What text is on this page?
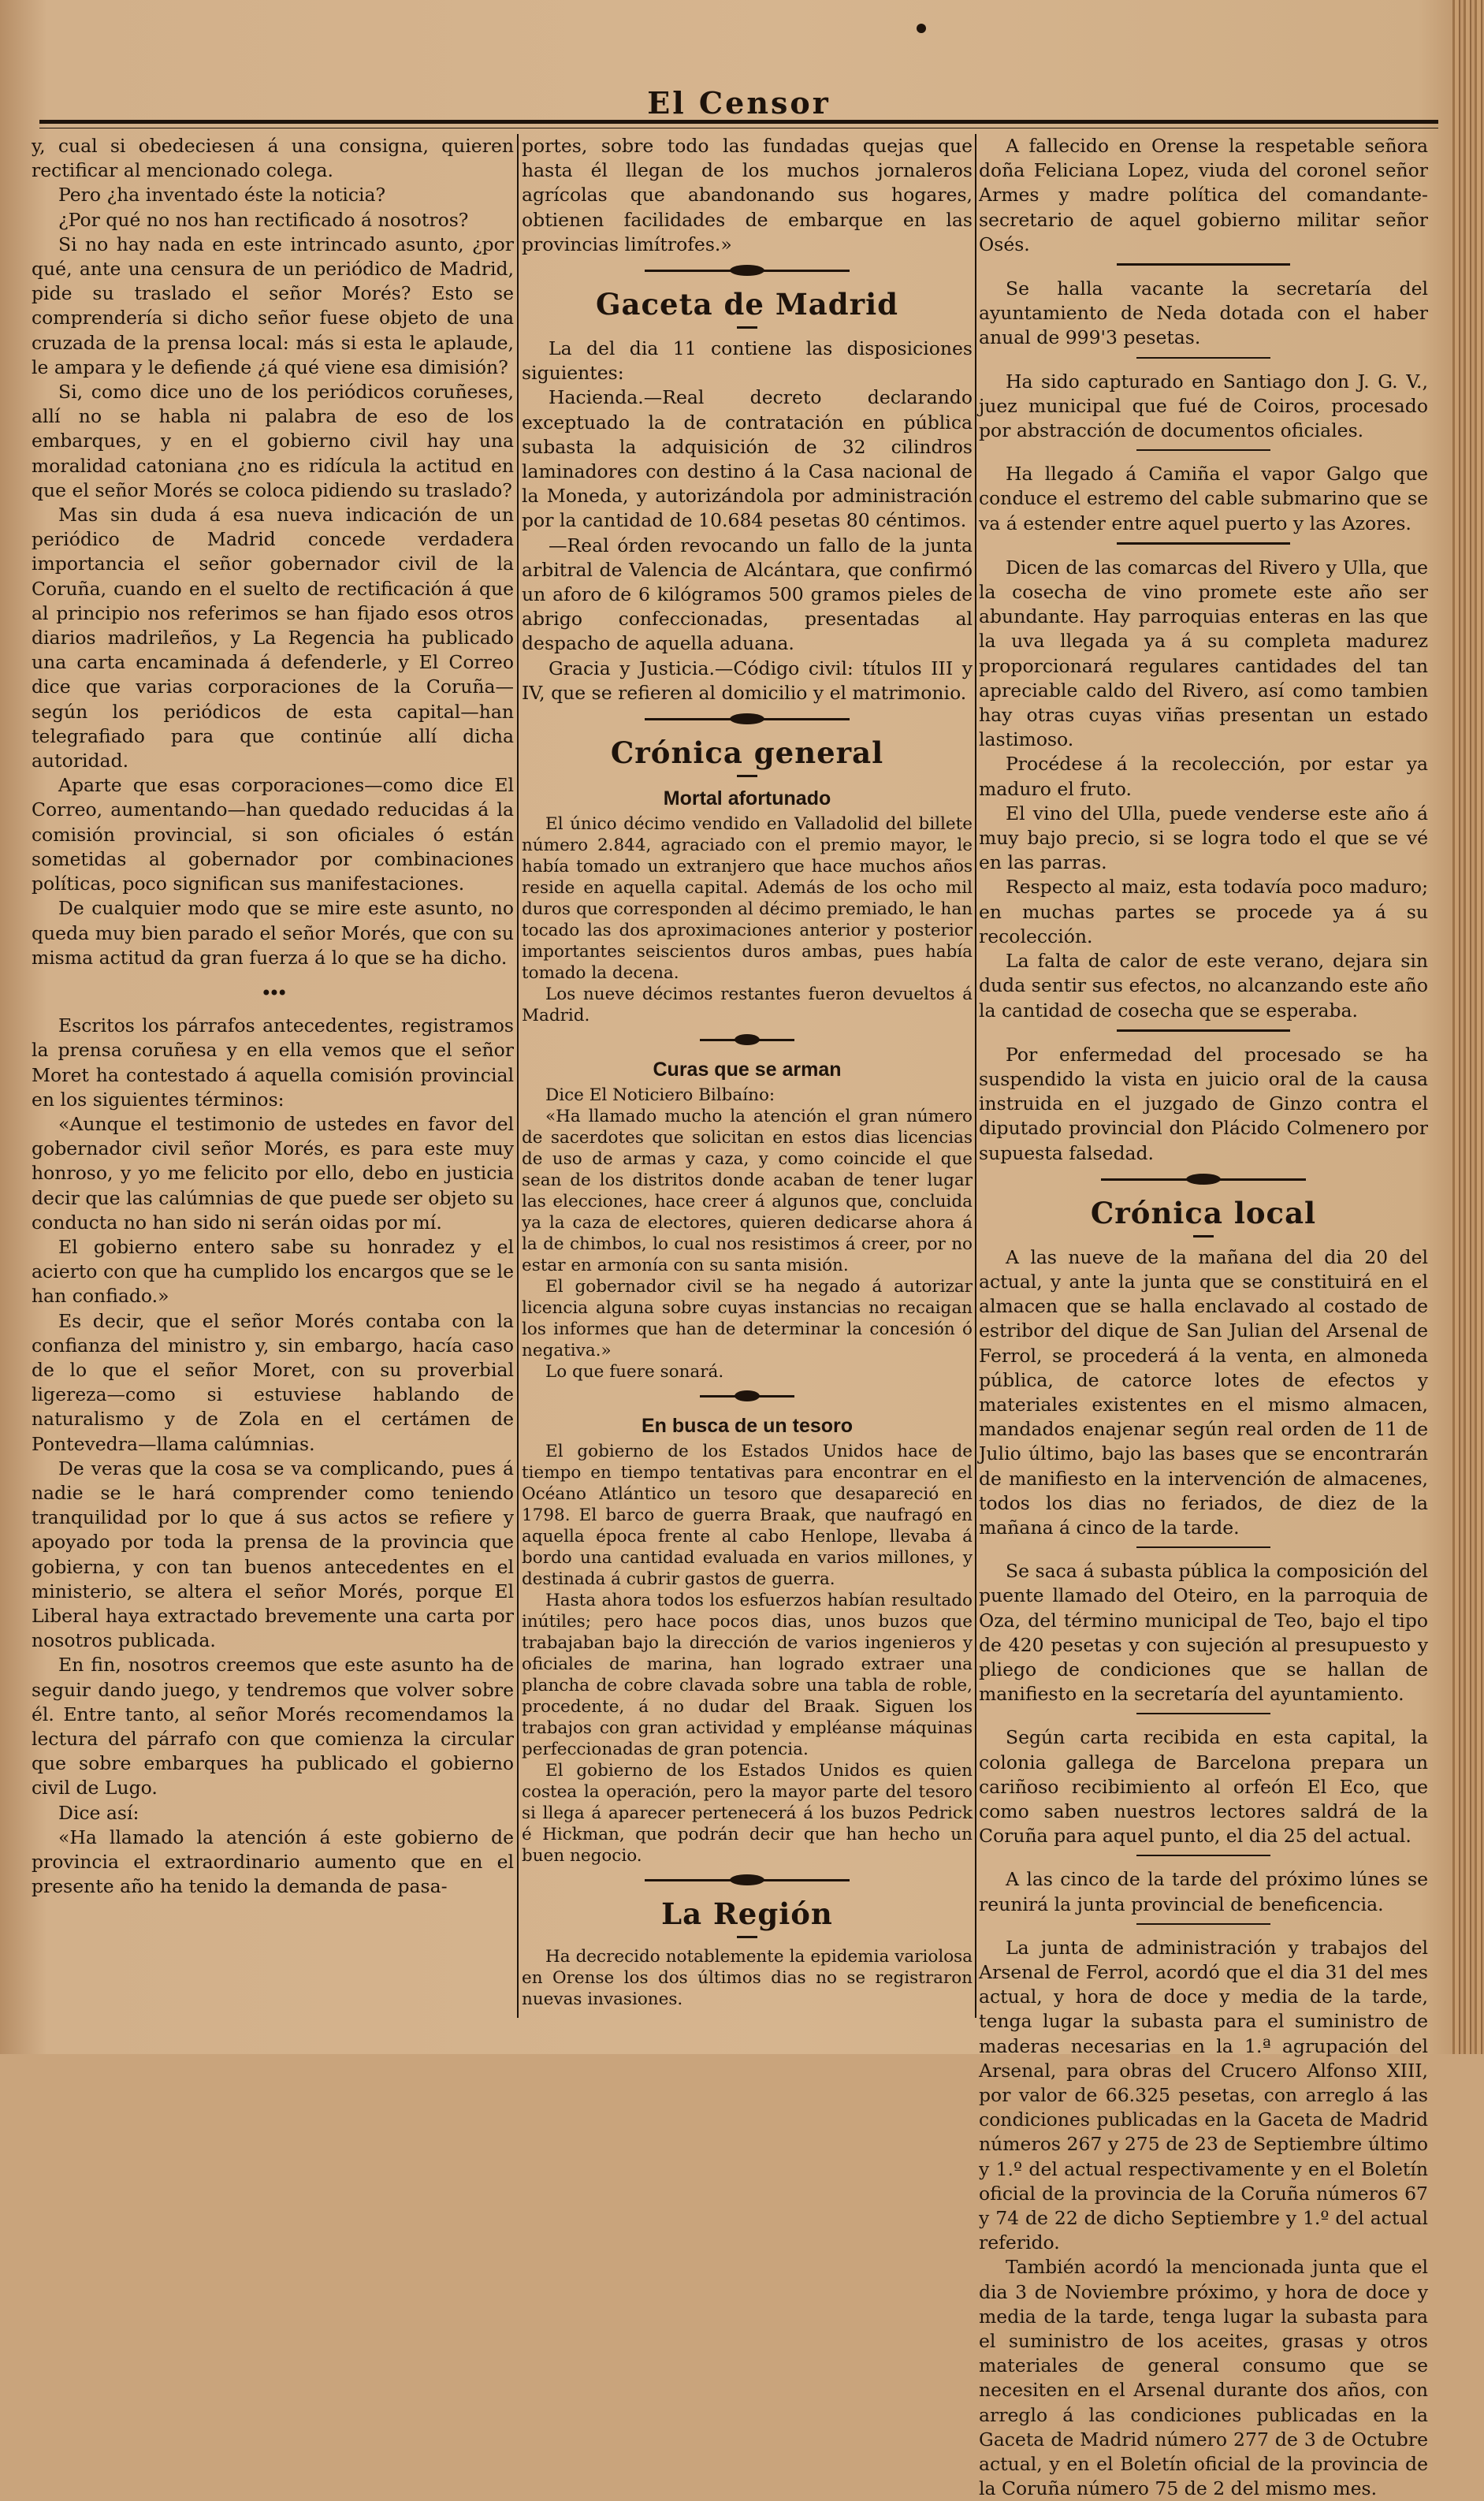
El Censor

y, cual si obedeciesen á una consigna, quieren rectificar al mencionado colega.

Pero ¿ha inventado éste la noticia?

¿Por qué no nos han rectificado á nosotros?

Si no hay nada en este intrincado asunto, ¿por qué, ante una censura de un periódico de Madrid, pide su traslado el señor Morés? Esto se comprendería si dicho señor fuese objeto de una cruzada de la prensa local: más si esta le aplaude, le ampara y le defiende ¿á qué viene esa dimisión?

Si, como dice uno de los periódicos coruñeses, allí no se habla ni palabra de eso de los embarques, y en el gobierno civil hay una moralidad catoniana ¿no es ridícula la actitud en que el señor Morés se coloca pidiendo su traslado?

Mas sin duda á esa nueva indicación de un periódico de Madrid concede verdadera importancia el señor gobernador civil de la Coruña, cuando en el suelto de rectificación á que al principio nos referimos se han fijado esos otros diarios madrileños, y La Regencia ha publicado una carta encaminada á defenderle, y El Correo dice que varias corporaciones de la Coruña—según los periódicos de esta capital—han telegrafiado para que continúe allí dicha autoridad.

Aparte que esas corporaciones—como dice El Correo, aumentando—han quedado reducidas á la comisión provincial, si son oficiales ó están sometidas al gobernador por combinaciones políticas, poco significan sus manifestaciones.

De cualquier modo que se mire este asunto, no queda muy bien parado el señor Morés, que con su misma actitud da gran fuerza á lo que se ha dicho.

•••

Escritos los párrafos antecedentes, registramos la prensa coruñesa y en ella vemos que el señor Moret ha contestado á aquella comisión provincial en los siguientes términos:

«Aunque el testimonio de ustedes en favor del gobernador civil señor Morés, es para este muy honroso, y yo me felicito por ello, debo en justicia decir que las calúmnias de que puede ser objeto su conducta no han sido ni serán oidas por mí.

El gobierno entero sabe su honradez y el acierto con que ha cumplido los encargos que se le han confiado.»

Es decir, que el señor Morés contaba con la confianza del ministro y, sin embargo, hacía caso de lo que el señor Moret, con su proverbial ligereza—como si estuviese hablando de naturalismo y de Zola en el certámen de Pontevedra—llama calúmnias.

De veras que la cosa se va complicando, pues á nadie se le hará comprender como teniendo tranquilidad por lo que á sus actos se refiere y apoyado por toda la prensa de la provincia que gobierna, y con tan buenos antecedentes en el ministerio, se altera el señor Morés, porque El Liberal haya extractado brevemente una carta por nosotros publicada.

En fin, nosotros creemos que este asunto ha de seguir dando juego, y tendremos que volver sobre él. Entre tanto, al señor Morés recomendamos la lectura del párrafo con que comienza la circular que sobre embarques ha publicado el gobierno civil de Lugo.

Dice así:

«Ha llamado la atención á este gobierno de provincia el extraordinario aumento que en el presente año ha tenido la demanda de pasa-

portes, sobre todo las fundadas quejas que hasta él llegan de los muchos jornaleros agrícolas que abandonando sus hogares, obtienen facilidades de embarque en las provincias limítrofes.»

Gaceta de Madrid

La del dia 11 contiene las disposiciones siguientes:

Hacienda.—Real decreto declarando exceptuado la de contratación en pública subasta la adquisición de 32 cilindros laminadores con destino á la Casa nacional de la Moneda, y autorizándola por administración por la cantidad de 10.684 pesetas 80 céntimos.

—Real órden revocando un fallo de la junta arbitral de Valencia de Alcántara, que confirmó un aforo de 6 kilógramos 500 gramos pieles de abrigo confeccionadas, presentadas al despacho de aquella aduana.

Gracia y Justicia.—Código civil: títulos III y IV, que se refieren al domicilio y el matrimonio.

Crónica general
Mortal afortunado

El único décimo vendido en Valladolid del billete número 2.844, agraciado con el premio mayor, le había tomado un extranjero que hace muchos años reside en aquella capital. Además de los ocho mil duros que corresponden al décimo premiado, le han tocado las dos aproximaciones anterior y posterior importantes seiscientos duros ambas, pues había tomado la decena.

Los nueve décimos restantes fueron devueltos á Madrid.

Curas que se arman

Dice El Noticiero Bilbaíno:

«Ha llamado mucho la atención el gran número de sacerdotes que solicitan en estos dias licencias de uso de armas y caza, y como coincide el que sean de los distritos donde acaban de tener lugar las elecciones, hace creer á algunos que, concluida ya la caza de electores, quieren dedicarse ahora á la de chimbos, lo cual nos resistimos á creer, por no estar en armonía con su santa misión.

El gobernador civil se ha negado á autorizar licencia alguna sobre cuyas instancias no recaigan los informes que han de determinar la concesión ó negativa.»

Lo que fuere sonará.

En busca de un tesoro

El gobierno de los Estados Unidos hace de tiempo en tiempo tentativas para encontrar en el Océano Atlántico un tesoro que desapareció en 1798. El barco de guerra Braak, que naufragó en aquella época frente al cabo Henlope, llevaba á bordo una cantidad evaluada en varios millones, y destinada á cubrir gastos de guerra.

Hasta ahora todos los esfuerzos habían resultado inútiles; pero hace pocos dias, unos buzos que trabajaban bajo la dirección de varios ingenieros y oficiales de marina, han logrado extraer una plancha de cobre clavada sobre una tabla de roble, procedente, á no dudar del Braak. Siguen los trabajos con gran actividad y empléanse máquinas perfeccionadas de gran potencia.

El gobierno de los Estados Unidos es quien costea la operación, pero la mayor parte del tesoro si llega á aparecer pertenecerá á los buzos Pedrick é Hickman, que podrán decir que han hecho un buen negocio.

La Región

Ha decrecido notablemente la epidemia variolosa en Orense los dos últimos dias no se registraron nuevas invasiones.

A fallecido en Orense la respetable señora doña Feliciana Lopez, viuda del coronel señor Armes y madre política del comandante-secretario de aquel gobierno militar señor Osés.

Se halla vacante la secretaría del ayuntamiento de Neda dotada con el haber anual de 999'3 pesetas.

Ha sido capturado en Santiago don J. G. V., juez municipal que fué de Coiros, procesado por abstracción de documentos oficiales.

Ha llegado á Camiña el vapor Galgo que conduce el estremo del cable submarino que se va á estender entre aquel puerto y las Azores.

Dicen de las comarcas del Rivero y Ulla, que la cosecha de vino promete este año ser abundante. Hay parroquias enteras en las que la uva llegada ya á su completa madurez proporcionará regulares cantidades del tan apreciable caldo del Rivero, así como tambien hay otras cuyas viñas presentan un estado lastimoso.

Procédese á la recolección, por estar ya maduro el fruto.

El vino del Ulla, puede venderse este año á muy bajo precio, si se logra todo el que se vé en las parras.

Respecto al maiz, esta todavía poco maduro; en muchas partes se procede ya á su recolección.

La falta de calor de este verano, dejara sin duda sentir sus efectos, no alcanzando este año la cantidad de cosecha que se esperaba.

Por enfermedad del procesado se ha suspendido la vista en juicio oral de la causa instruida en el juzgado de Ginzo contra el diputado provincial don Plácido Colmenero por supuesta falsedad.

Crónica local

A las nueve de la mañana del dia 20 del actual, y ante la junta que se constituirá en el almacen que se halla enclavado al costado de estribor del dique de San Julian del Arsenal de Ferrol, se procederá á la venta, en almoneda pública, de catorce lotes de efectos y materiales existentes en el mismo almacen, mandados enajenar según real orden de 11 de Julio último, bajo las bases que se encontrarán de manifiesto en la intervención de almacenes, todos los dias no feriados, de diez de la mañana á cinco de la tarde.

Se saca á subasta pública la composición del puente llamado del Oteiro, en la parroquia de Oza, del término municipal de Teo, bajo el tipo de 420 pesetas y con sujeción al presupuesto y pliego de condiciones que se hallan de manifiesto en la secretaría del ayuntamiento.

Según carta recibida en esta capital, la colonia gallega de Barcelona prepara un cariñoso recibimiento al orfeón El Eco, que como saben nuestros lectores saldrá de la Coruña para aquel punto, el dia 25 del actual.

A las cinco de la tarde del próximo lúnes se reunirá la junta provincial de beneficencia.

La junta de administración y trabajos del Arsenal de Ferrol, acordó que el dia 31 del mes actual, y hora de doce y media de la tarde, tenga lugar la subasta para el suministro de maderas necesarias en la 1.ª agrupación del Arsenal, para obras del Crucero Alfonso XIII, por valor de 66.325 pesetas, con arreglo á las condiciones publicadas en la Gaceta de Madrid números 267 y 275 de 23 de Septiembre último y 1.º del actual respectivamente y en el Boletín oficial de la provincia de la Coruña números 67 y 74 de 22 de dicho Septiembre y 1.º del actual referido.

También acordó la mencionada junta que el dia 3 de Noviembre próximo, y hora de doce y media de la tarde, tenga lugar la subasta para el suministro de los aceites, grasas y otros materiales de general consumo que se necesiten en el Arsenal durante dos años, con arreglo á las condiciones publicadas en la Gaceta de Madrid número 277 de 3 de Octubre actual, y en el Boletín oficial de la provincia de la Coruña número 75 de 2 del mismo mes.
